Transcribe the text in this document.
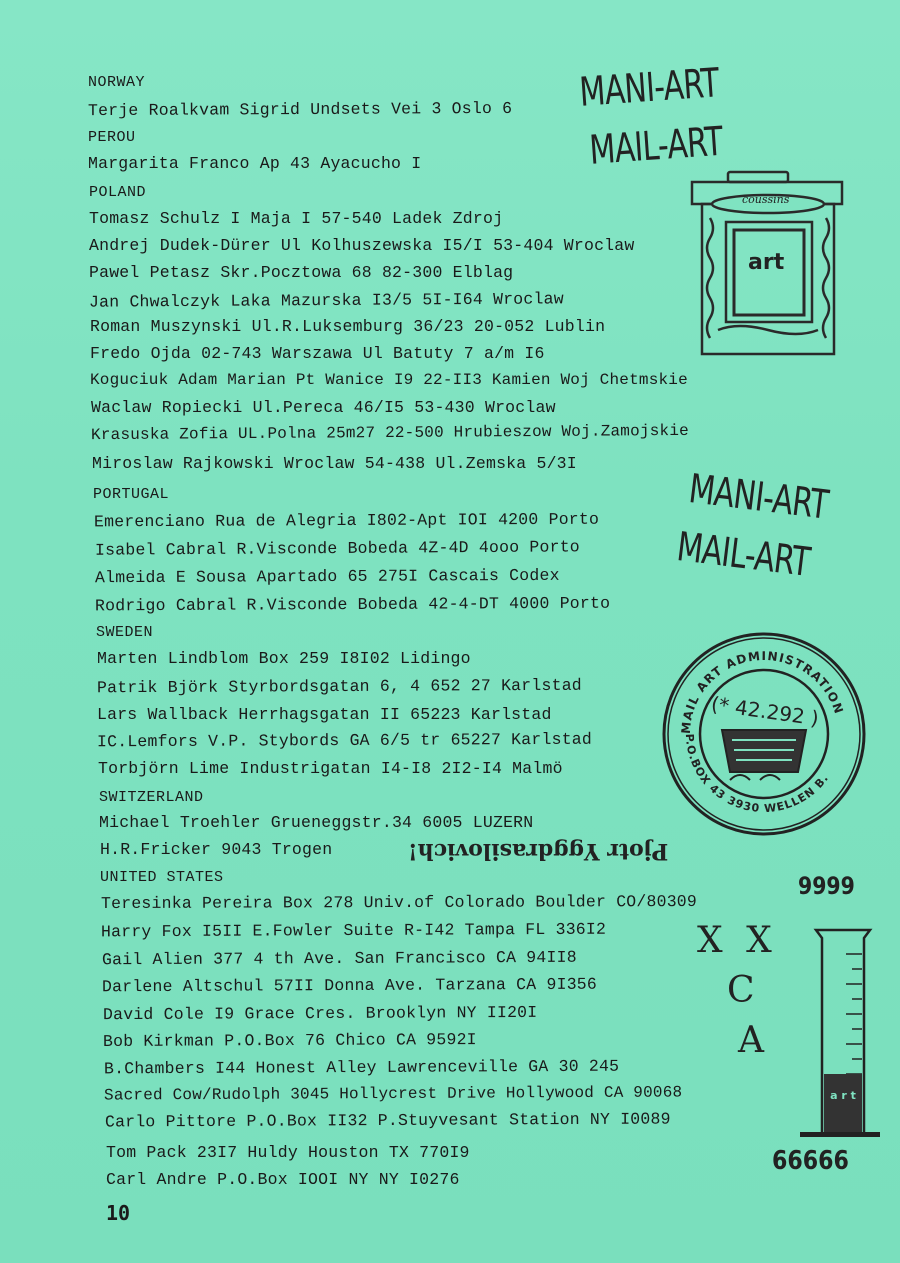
NORWAY
Terje Roalkvam Sigrid Undsets Vei 3 Oslo 6
PEROU
Margarita Franco Ap 43 Ayacucho I
POLAND
Tomasz Schulz I Maja I 57-540 Ladek Zdroj
Andrej Dudek-Dürer Ul Kolhuszewska I5/I 53-404 Wroclaw
Pawel Petasz Skr.Pocztowa 68 82-300 Elblag
Jan Chwalczyk Laka Mazurska I3/5 5I-I64 Wroclaw
Roman Muszynski Ul.R.Luksemburg 36/23 20-052 Lublin
Fredo Ojda 02-743 Warszawa Ul Batuty 7 a/m I6
Koguciuk Adam Marian Pt Wanice I9 22-II3 Kamien Woj Chetmskie
Waclaw Ropiecki Ul.Pereca 46/I5 53-430 Wroclaw
Krasuska Zofia UL.Polna 25m27 22-500 Hrubieszow Woj.Zamojskie
Miroslaw Rajkowski Wroclaw 54-438 Ul.Zemska 5/3I
PORTUGAL
Emerenciano Rua de Alegria I802-Apt IOI 4200 Porto
Isabel Cabral R.Visconde Bobeda 4Z-4D 4ooo Porto
Almeida E Sousa Apartado 65 275I Cascais Codex
Rodrigo Cabral R.Visconde Bobeda 42-4-DT 4000 Porto
SWEDEN
Marten Lindblom Box 259 I8I02 Lidingo
Patrik Björk Styrbordsgatan 6, 4 652 27 Karlstad
Lars Wallback Herrhagsgatan II 65223 Karlstad
IC.Lemfors V.P. Stybords GA 6/5 tr 65227 Karlstad
Torbjörn Lime Industrigatan I4-I8 2I2-I4 Malmö
SWITZERLAND
Michael Troehler Grueneggstr.34 6005 LUZERN
H.R.Fricker 9043 Trogen
UNITED STATES
Teresinka Pereira Box 278 Univ.of Colorado Boulder CO/80309
Harry Fox I5II E.Fowler Suite R-I42 Tampa FL 336I2
Gail Alien 377 4 th Ave. San Francisco CA 94II8
Darlene Altschul 57II Donna Ave. Tarzana CA 9I356
David Cole I9 Grace Cres. Brooklyn NY II20I
Bob Kirkman P.O.Box 76 Chico CA 9592I
B.Chambers I44 Honest Alley Lawrenceville GA 30 245
Sacred Cow/Rudolph 3045 Hollycrest Drive Hollywood CA 90068
Carlo Pittore P.O.Box II32 P.Stuyvesant Station NY I0089
Tom Pack 23I7 Huldy Houston TX 770I9
Carl Andre P.O.Box IOOI NY NY I0276
MANI-ART
MAIL-ART
coussins
art
MANI-ART
MAIL-ART
MAIL ART ADMINISTRATION
P.O.BOX 43 3930 WELLEN B.
(* 42.292 )
Pjotr Yggdrasilovich!
9999
X X
C
A
a r t
66666
10
